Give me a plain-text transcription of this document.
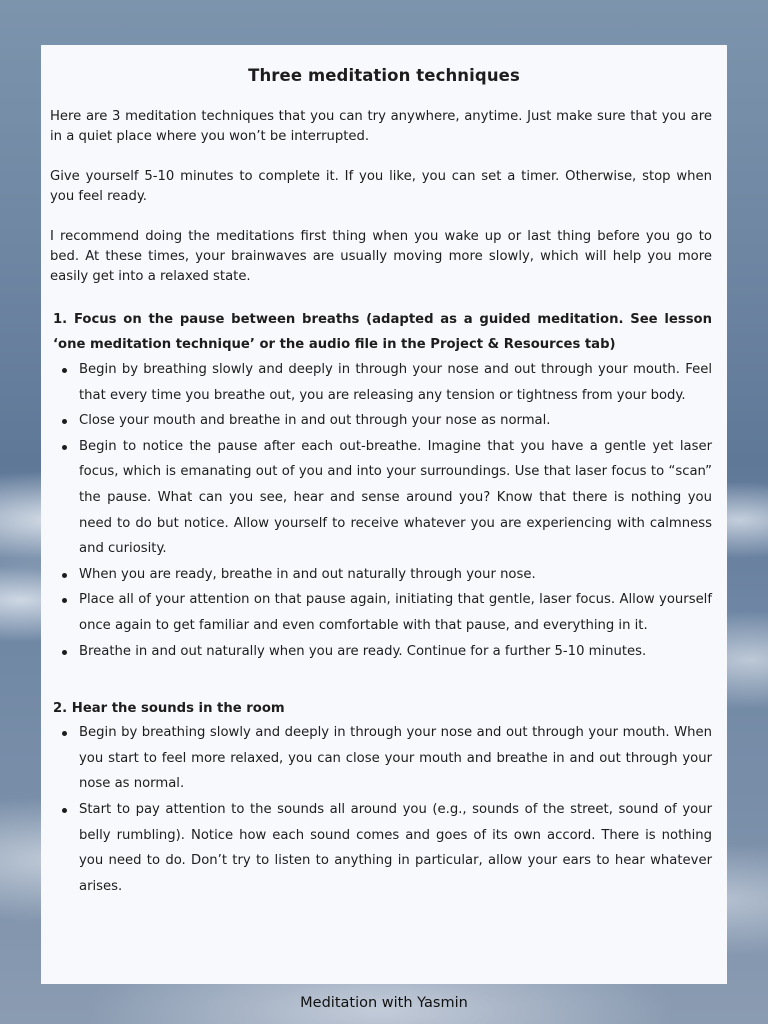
Three meditation techniques

Here are 3 meditation techniques that you can try anywhere, anytime. Just make sure that you are in a quiet place where you won’t be interrupted.

Give yourself 5-10 minutes to complete it. If you like, you can set a timer. Otherwise, stop when you feel ready.

I recommend doing the meditations first thing when you wake up or last thing before you go to bed. At these times, your brainwaves are usually moving more slowly, which will help you more easily get into a relaxed state.

1. Focus on the pause between breaths (adapted as a guided meditation. See lesson ‘one meditation technique’ or the audio file in the Project & Resources tab)
Begin by breathing slowly and deeply in through your nose and out through your mouth. Feel that every time you breathe out, you are releasing any tension or tightness from your body.
Close your mouth and breathe in and out through your nose as normal.
Begin to notice the pause after each out-breathe. Imagine that you have a gentle yet laser focus, which is emanating out of you and into your surroundings. Use that laser focus to “scan” the pause. What can you see, hear and sense around you? Know that there is nothing you need to do but notice. Allow yourself to receive whatever you are experiencing with calmness and curiosity.
When you are ready, breathe in and out naturally through your nose.
Place all of your attention on that pause again, initiating that gentle, laser focus. Allow yourself once again to get familiar and even comfortable with that pause, and everything in it.
Breathe in and out naturally when you are ready. Continue for a further 5-10 minutes.
2. Hear the sounds in the room
Begin by breathing slowly and deeply in through your nose and out through your mouth. When you start to feel more relaxed, you can close your mouth and breathe in and out through your nose as normal.
Start to pay attention to the sounds all around you (e.g., sounds of the street, sound of your belly rumbling). Notice how each sound comes and goes of its own accord. There is nothing you need to do. Don’t try to listen to anything in particular, allow your ears to hear whatever arises.
Meditation with Yasmin
